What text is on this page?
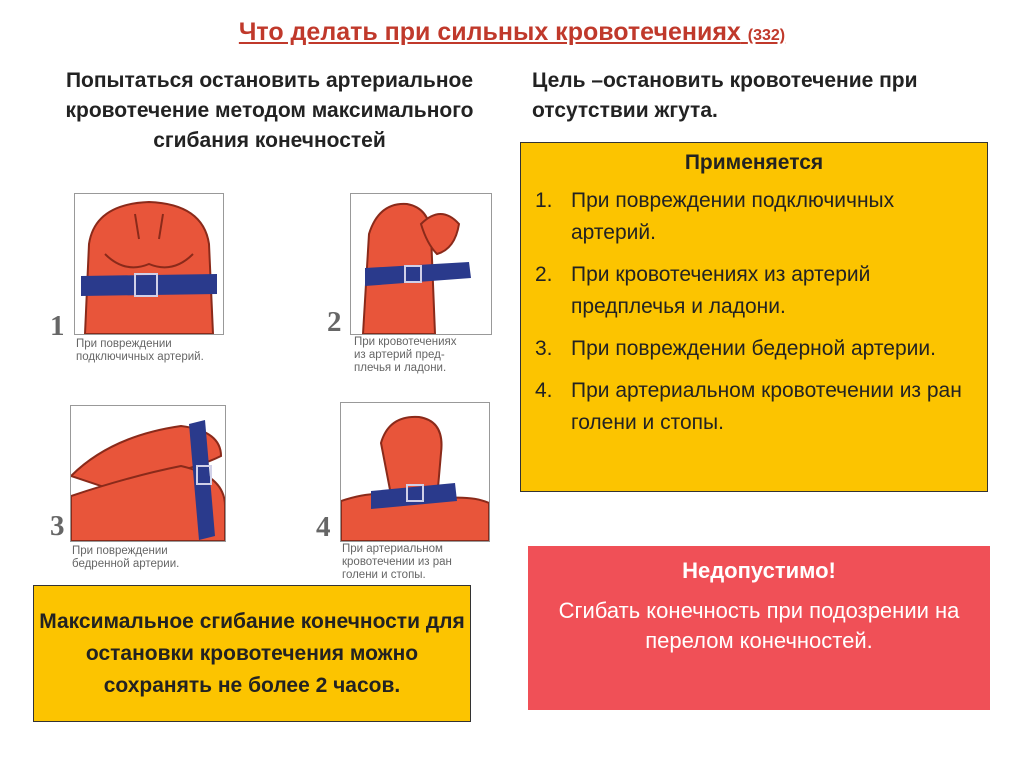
Что делать при сильных кровотечениях (332)
Попытаться остановить артериальное кровотечение методом максимального сгибания конечностей
Цель –остановить кровотечение при отсутствии жгута.
1
При повреждении
подключичных артерий.
2
При кровотечениях
из артерий пред-
плечья и ладони.
3
При повреждении
бедренной артерии.
4
При артериальном
кровотечении из ран
голени и стопы.
Применяется
1. При повреждении подключичных артерий.
2. При кровотечениях из артерий предплечья и ладони.
3. При повреждении бедерной артерии.
4. При артериальном кровотечении из ран голени и стопы.
Максимальное сгибание конечности для остановки кровотечения можно сохранять не более 2 часов.
Недопустимо!
Сгибать конечность при подозрении на перелом конечностей.
